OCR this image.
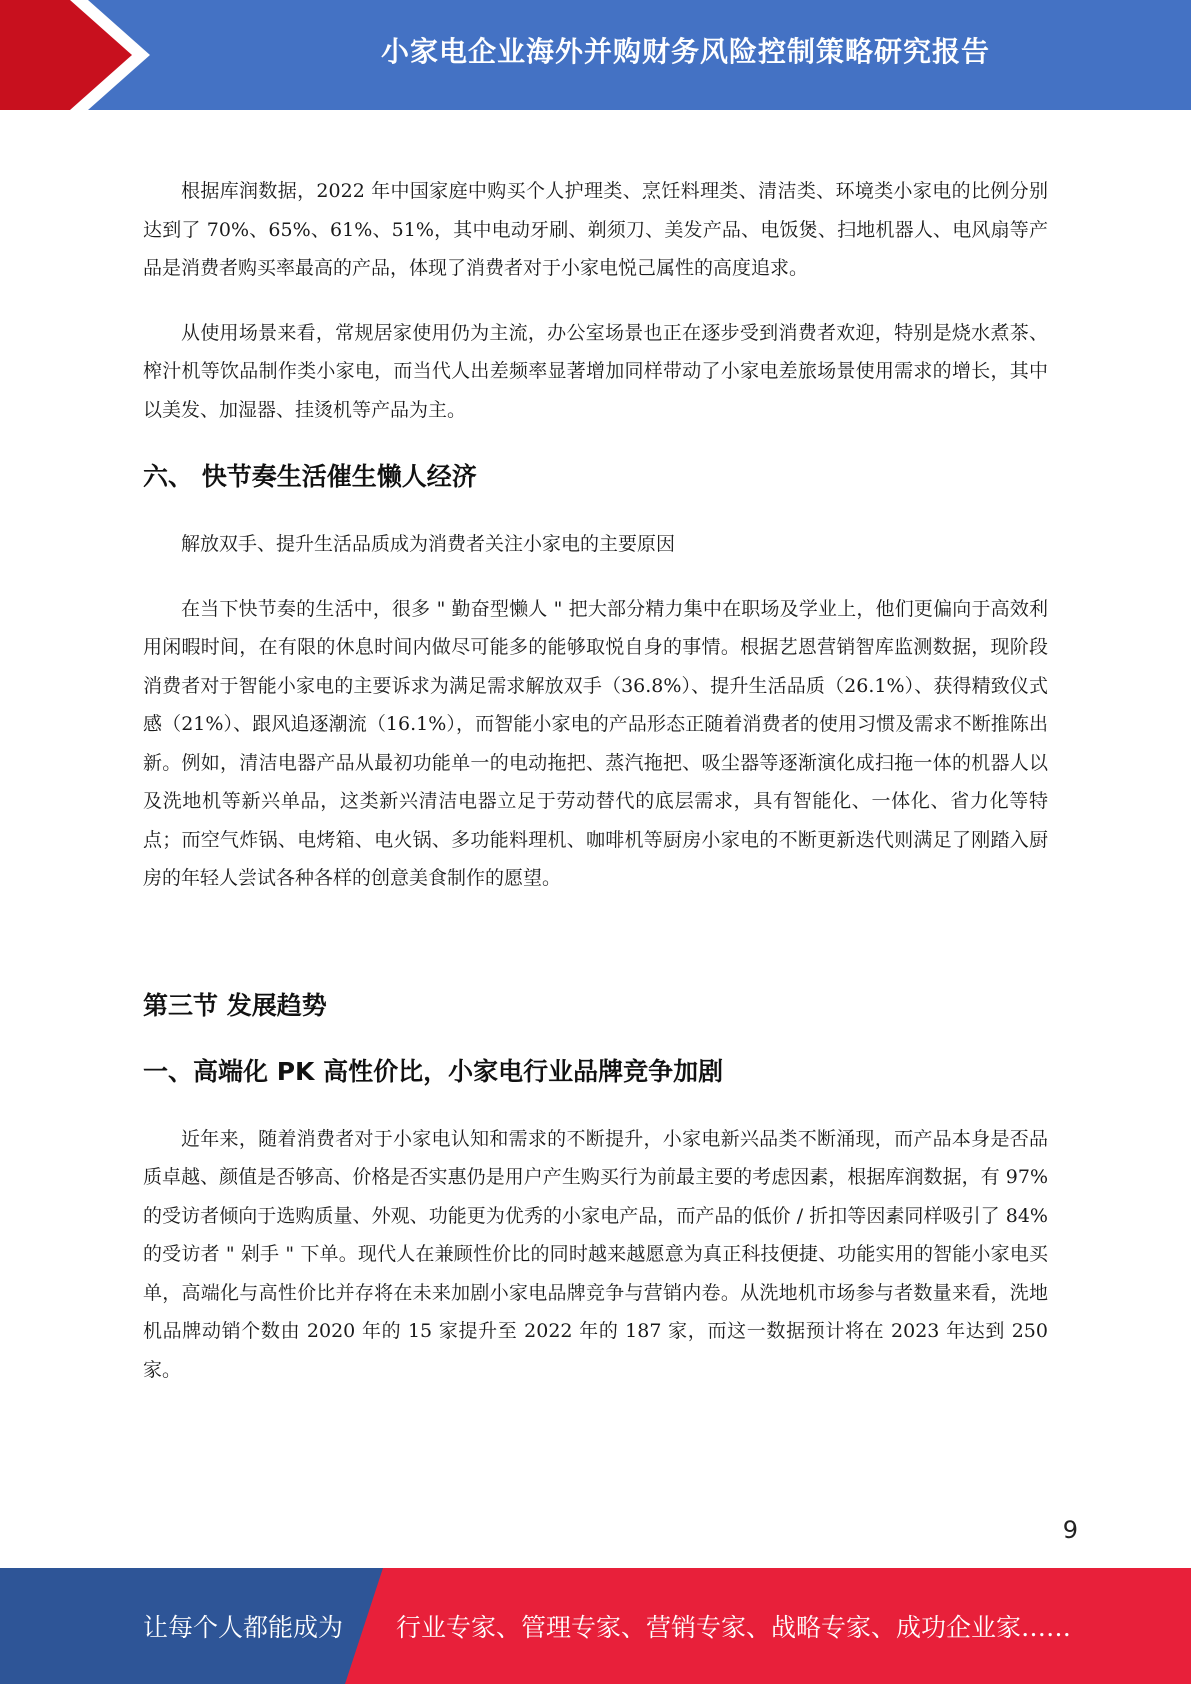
小家电企业海外并购财务风险控制策略研究报告

根据库润数据，2022 年中国家庭中购买个人护理类、烹饪料理类、清洁类、环境类小家电的比例分别达到了 70%、65%、61%、51%，其中电动牙刷、剃须刀、美发产品、电饭煲、扫地机器人、电风扇等产品是消费者购买率最高的产品，体现了消费者对于小家电悦己属性的高度追求。

从使用场景来看，常规居家使用仍为主流，办公室场景也正在逐步受到消费者欢迎，特别是烧水煮茶、榨汁机等饮品制作类小家电，而当代人出差频率显著增加同样带动了小家电差旅场景使用需求的增长，其中以美发、加湿器、挂烫机等产品为主。

六、 快节奏生活催生懒人经济

解放双手、提升生活品质成为消费者关注小家电的主要原因

在当下快节奏的生活中，很多 " 勤奋型懒人 " 把大部分精力集中在职场及学业上，他们更偏向于高效利用闲暇时间，在有限的休息时间内做尽可能多的能够取悦自身的事情。根据艺恩营销智库监测数据，现阶段消费者对于智能小家电的主要诉求为满足需求解放双手（36.8%）、提升生活品质（26.1%）、获得精致仪式感（21%）、跟风追逐潮流（16.1%），而智能小家电的产品形态正随着消费者的使用习惯及需求不断推陈出新。例如，清洁电器产品从最初功能单一的电动拖把、蒸汽拖把、吸尘器等逐渐演化成扫拖一体的机器人以及洗地机等新兴单品，这类新兴清洁电器立足于劳动替代的底层需求，具有智能化、一体化、省力化等特点；而空气炸锅、电烤箱、电火锅、多功能料理机、咖啡机等厨房小家电的不断更新迭代则满足了刚踏入厨房的年轻人尝试各种各样的创意美食制作的愿望。

第三节 发展趋势
一、高端化 PK 高性价比，小家电行业品牌竞争加剧

近年来，随着消费者对于小家电认知和需求的不断提升，小家电新兴品类不断涌现，而产品本身是否品质卓越、颜值是否够高、价格是否实惠仍是用户产生购买行为前最主要的考虑因素，根据库润数据，有 97% 的受访者倾向于选购质量、外观、功能更为优秀的小家电产品，而产品的低价 / 折扣等因素同样吸引了 84% 的受访者 " 剁手 " 下单。现代人在兼顾性价比的同时越来越愿意为真正科技便捷、功能实用的智能小家电买单，高端化与高性价比并存将在未来加剧小家电品牌竞争与营销内卷。从洗地机市场参与者数量来看，洗地机品牌动销个数由 2020 年的 15 家提升至 2022 年的 187 家，而这一数据预计将在 2023 年达到 250 家。

9
让每个人都能成为 行业专家、管理专家、营销专家、战略专家、成功企业家……
